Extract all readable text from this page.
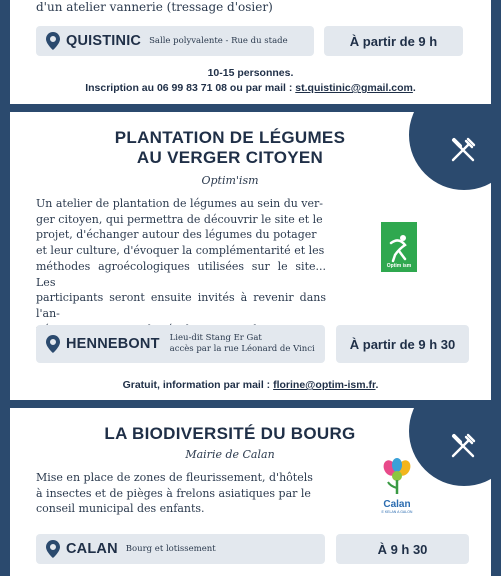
d'un atelier vannerie (tressage d'osier)
QUISTINIC Salle polyvalente - Rue du stade	À partir de 9 h
10-15 personnes.
Inscription au 06 99 83 71 08 ou par mail : st.quistinic@gmail.com.
PLANTATION DE LÉGUMES
AU VERGER CITOYEN
Optim'ism
Un atelier de plantation de légumes au sein du ver-
ger citoyen, qui permettra de découvrir le site et le
projet, d'échanger autour des légumes du potager
et leur culture, d'évoquer la complémentarité et les
méthodes agroécologiques utilisées sur le site... Les
participants seront ensuite invités à revenir dans l'an-
Optim ism
HENNEBONT Lieu-dit Stang Er Gat
accès par la rue Léonard de Vinci	À partir de 9 h 30
Gratuit, information par mail : florine@optim-ism.fr.
LA BIODIVERSITÉ DU BOURG
Mairie de Calan
Mise en place de zones de fleurissement, d'hôtels
à insectes et de pièges à frelons asiatiques par le
conseil municipal des enfants.	Calan
E KELAN A GALON
CALAN Bourg et lotissement	À 9 h 30
